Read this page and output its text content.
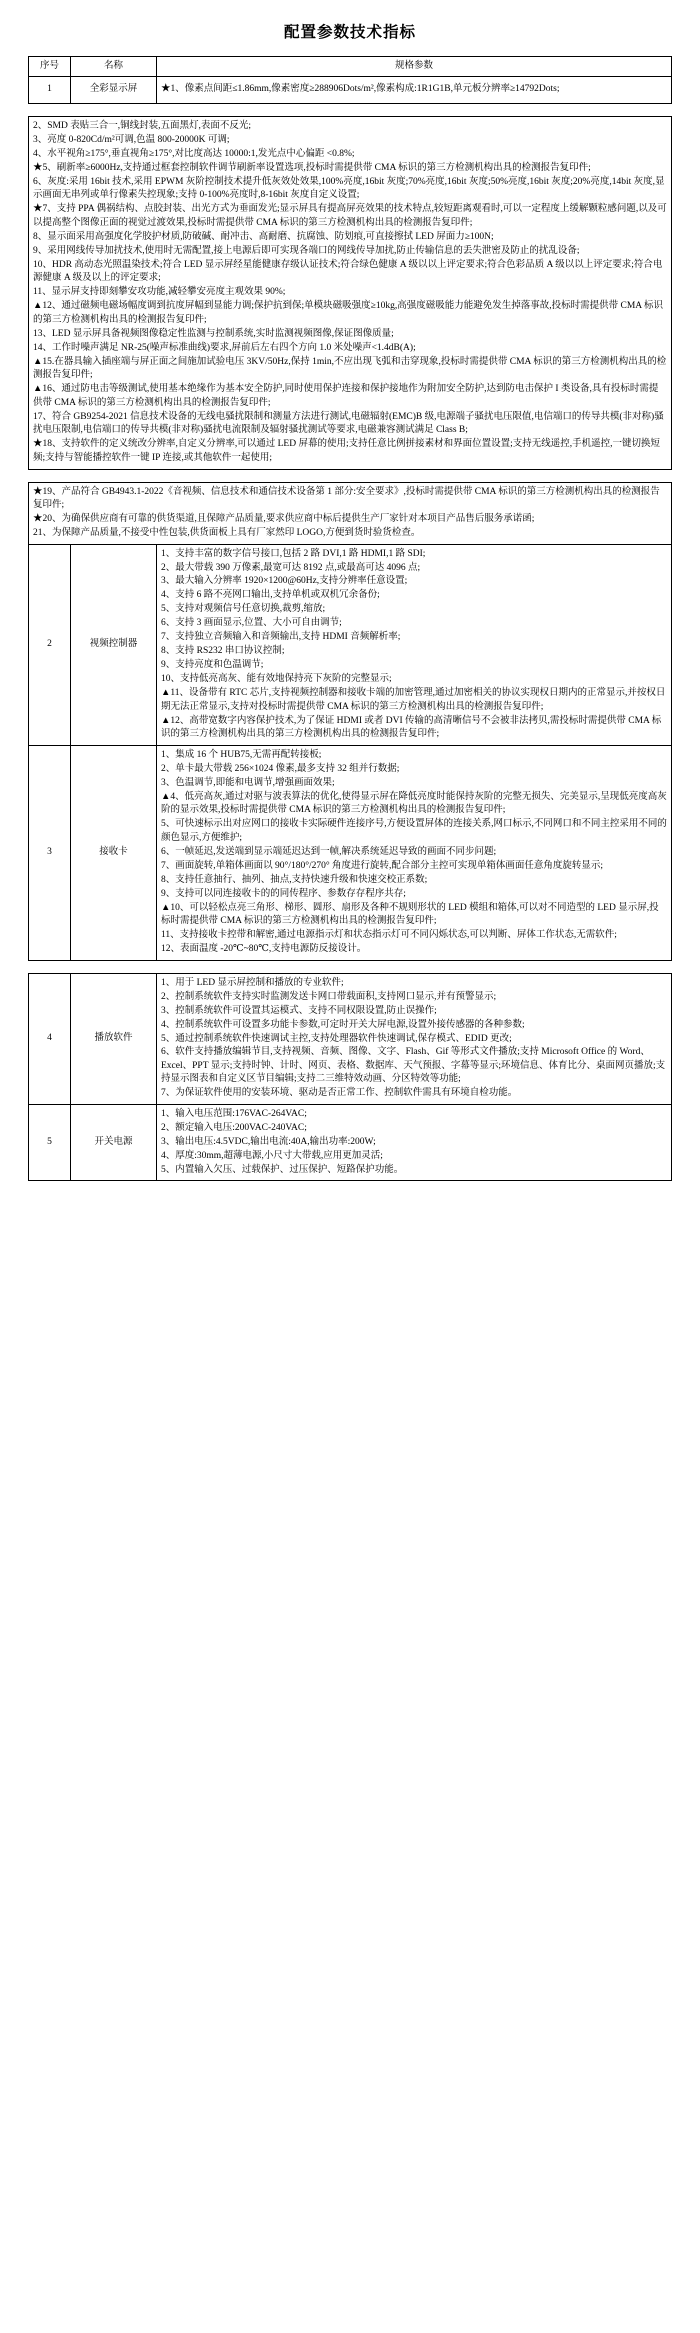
配置参数技术指标
序号	名称	规格参数
1	全彩显示屏	★1、像素点间距≤1.86mm,像素密度≥288906Dots/m²,像素构成:1R1G1B,单元板分辨率≥14792Dots;
2、SMD 表贴三合一,铜线封装,五面黑灯,表面不反光;
3、亮度 0-820Cd/m²可调,色温 800-20000K 可调;
4、水平视角≥175°,垂直视角≥175°,对比度高达 10000:1,发光点中心偏距 <0.8%;
★5、刷新率≥6000Hz,支持通过框套控制软件调节刷新率设置选项,投标时需提供带 CMA 标识的第三方检测机构出具的检测报告复印件;
6、灰度:采用 16bit 技术,采用 EPWM 灰阶控制技术提升低灰效处效果,100%亮度,16bit 灰度;70%亮度,16bit 灰度;50%亮度,16bit 灰度;20%亮度,14bit 灰度,显示画面无串列或单行像素失控现象;支持 0-100%亮度时,8-16bit 灰度自定义设置;
★7、支持 PPA 偶祸结构、点胶封装、出光方式为垂面发光;显示屏具有提高屏亮效果的技术特点,较短距离观看时,可以一定程度上缓解颗粒感问题,以及可以提高整个图像正面的视觉过渡效果,投标时需提供带 CMA 标识的第三方检测机构出具的检测报告复印件;
8、显示面采用高强度化学胶护材质,防破碱、耐冲击、高耐磨、抗腐蚀、防划痕,可直接擦拭 LED 屏面力≥100N;
9、采用网线传导加扰技术,使用时无需配置,接上电源后即可实现各端口的网线传导加扰,防止传输信息的丢失泄密及防止的扰乱设备;
10、HDR 高动态光照温染技术;符合 LED 显示屏经星能健康存级认证技术;符合绿色健康 A 级以以上评定要求;符合色彩品质 A 级以以上评定要求;符合电源健康 A 级及以上的评定要求;
11、显示屏支持即刻攀安攻功能,减轻攀安亮度主观效果 90%;
▲12、通过磁频电磁场幅度调到抗度屏幅到显能力调;保护抗到保;单模块磁吸强度≥10kg,高强度磁吸能力能避免发生掉落事故,投标时需提供带 CMA 标识的第三方检测机构出具的检测报告复印件;
13、LED 显示屏具备视频图像稳定性监测与控制系统,实时监测视频图像,保证图像质量;
14、工作时噪声满足 NR-25(噪声标准曲线)要求,屏前后左右四个方向 1.0 米处噪声<1.4dB(A);
▲15.在器具输入插座端与屏正面之间施加试验电压 3KV/50Hz,保持 1min,不应出现飞弧和击穿现象,投标时需提供带 CMA 标识的第三方检测机构出具的检测报告复印件;
▲16、通过防电击等级测试,使用基本绝缘作为基本安全防护,同时使用保护连接和保护接地作为附加安全防护,达到防电击保护 I 类设备,具有投标时需提供带 CMA 标识的第三方检测机构出具的检测报告复印件;
17、符合 GB9254-2021 信息技术设备的无线电骚扰限制和测量方法进行测试,电磁辐射(EMC)B 级,电源端子骚扰电压限值,电信端口的传导共模(非对称)骚扰电压限制,电信端口的传导共模(非对称)骚扰电流限制及辐射骚扰测试等要求,电磁兼容测试满足 Class B;
★18、支持软件的定义统改分辨率,自定义分辨率,可以通过 LED 屏幕的使用;支持任意比例拼接素材和界面位置设置;支持无线遥控,手机遥控,一键切换短频;支持与智能播控软件一键 IP 连接,或其他软件一起使用;
★19、产品符合 GB4943.1-2022《音视频、信息技术和通信技术设备第 1 部分:安全要求》,投标时需提供带 CMA 标识的第三方检测机构出具的检测报告复印件;
★20、为确保供应商有可靠的供货渠道,且保障产品质量,要求供应商中标后提供生产厂家针对本项目产品售后服务承诺函;
21、为保障产品质量,不接受中性包装,供货面板上具有厂家然印 LOGO,方便到货时验货检查。		

2	视频控制器	
1、支持丰富的数字信号接口,包括 2 路 DVI,1 路 HDMI,1 路 SDI;
2、最大带载 390 万像素,最宽可达 8192 点,或最高可达 4096 点;
3、最大输入分辨率 1920×1200@60Hz,支持分辨率任意设置;
4、支持 6 路不亮网口输出,支持单机或双机冗余备份;
5、支持对观频信号任意切换,裁剪,缩放;
6、支持 3 画面显示,位置、大小可自由调节;
7、支持独立音频输入和音频输出,支持 HDMI 音频解析率;
8、支持 RS232 串口协议控制;
9、支持亮度和色温调节;
10、支持低亮高灰、能有效地保持亮下灰阶的完整显示;
▲11、设备带有 RTC 芯片,支持视频控制器和接收卡端的加密管理,通过加密相关的协议实现权日期内的正常显示,并按权日期无法正常显示,支持对投标时需提供带 CMA 标识的第三方检测机构出具的检测报告复印件;
▲12、高带宽数字内容保护技术,为了保证 HDMI 或者 DVI 传输的高清晰信号不会被非法拷贝,需投标时需提供带 CMA 标识的第三方检测机构出具的第三方检测机构出具的检测报告复印件;

3	接收卡	
1、集成 16 个 HUB75,无需再配转接板;
2、单卡最大带载 256×1024 像素,最多支持 32 组并行数据;
3、色温调节,即能和电调节,增强画面效果;
▲4、低亮高灰,通过对驱与波表算法的优化,使得显示屏在降低亮度时能保持灰阶的完整无损失、完美显示,呈现低亮度高灰阶的显示效果,投标时需提供带 CMA 标识的第三方检测机构出具的检测报告复印件;
5、可快速标示出对应网口的接收卡实际硬件连接序号,方便设置屏体的连接关系,网口标示,不同网口和不同主控采用不同的颜色显示,方便维护;
6、一帧延迟,发送端到显示端延迟达到一帧,解决系统延迟导致的画面不同步问题;
7、画面旋转,单箱体画面以 90°/180°/270° 角度进行旋转,配合部分主控可实现单箱体画面任意角度旋转显示;
8、支持任意抽行、抽列、抽点,支持快速升级和快速交校正系数;
9、支持可以同连接收卡的的同传程序、参数存存程序共存;
▲10、可以轻松点亮三角形、梯形、圆形、扇形及各种不规则形状的 LED 模组和箱体,可以对不同造型的 LED 显示屏,投标时需提供带 CMA 标识的第三方检测机构出具的检测报告复印件;
11、支持接收卡控带和解密,通过电源指示灯和状态指示灯可不同闪烁状态,可以判断、屏体工作状态,无需软件;
12、表面温度 -20℃~80℃,支持电源防反接设计。
4	播放软件	
1、用于 LED 显示屏控制和播放的专业软件;
2、控制系统软件支持实时监测发送卡网口带载面积,支持网口显示,并有预警显示;
3、控制系统软件可设置其运模式、支持不同权限设置,防止误操作;
4、控制系统软件可设置多功能卡参数,可定时开关大屏电源,设置外接传感器的各种参数;
5、通过控制系统软件快速调试主控,支持处理器软件快速调试,保存模式、EDID 更改;
6、软件支持播放编辑节目,支持视频、音频、图像、文字、Flash、Gif 等形式文件播放;支持 Microsoft Office 的 Word、Excel、PPT 显示;支持时钟、计时、网页、表格、数据库、天气预报、字幕等显示;环境信息、体育比分、桌面网页播放;支持显示图表和自定义区节目编辑;支持二三维特效动画、分区特效等功能;
7、为保证软件使用的安装环境、驱动是否正常工作、控制软件需具有环境自检功能。

5	开关电源	1、输入电压范围:176VAC-264VAC;
2、额定输入电压:200VAC-240VAC;
3、输出电压:4.5VDC,输出电流:40A,输出功率:200W;
4、厚度:30mm,超薄电源,小尺寸大带载,应用更加灵活;
5、内置输入欠压、过载保护、过压保护、短路保护功能。
